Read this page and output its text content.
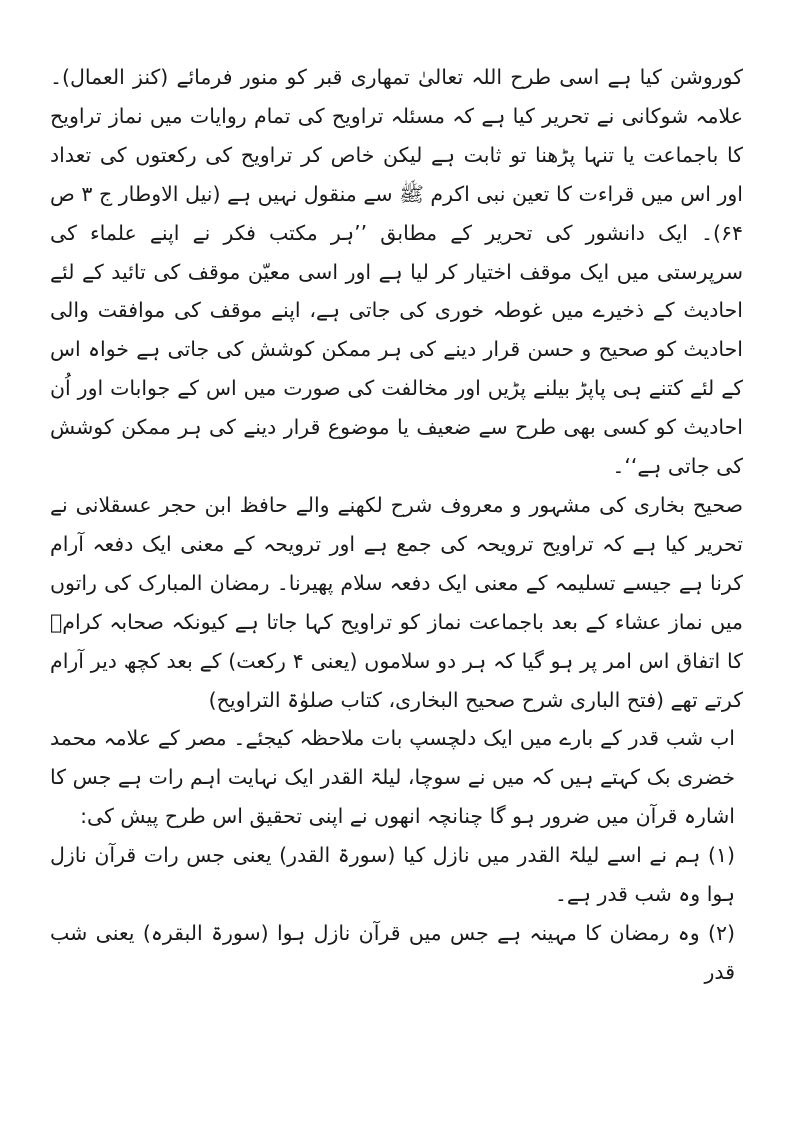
کوروشن کیا ہے اسی طرح اللہ تعالیٰ تمھاری قبر کو منور فرمائے (کنز العمال)۔ علامہ شوکانی نے تحریر کیا ہے کہ مسئلہ تراویح کی تمام روایات میں نماز تراویح کا باجماعت یا تنہا پڑھنا تو ثابت ہے لیکن خاص کر تراویح کی رکعتوں کی تعداد اور اس میں قراءت کا تعین نبی اکرم ﷺ سے منقول نہیں ہے (نیل الاوطار ج ۳ ص ۶۴)۔ ایک دانشور کی تحریر کے مطابق ’’ہر مکتب فکر نے اپنے علماء کی سرپرستی میں ایک موقف اختیار کر لیا ہے اور اسی معیّن موقف کی تائید کے لئے احادیث کے ذخیرے میں غوطہ خوری کی جاتی ہے، اپنے موقف کی موافقت والی احادیث کو صحیح و حسن قرار دینے کی ہر ممکن کوشش کی جاتی ہے خواہ اس کے لئے کتنے ہی پاپڑ بیلنے پڑیں اور مخالفت کی صورت میں اس کے جوابات اور اُن احادیث کو کسی بھی طرح سے ضعیف یا موضوع قرار دینے کی ہر ممکن کوشش کی جاتی ہے‘‘۔

صحیح بخاری کی مشہور و معروف شرح لکھنے والے حافظ ابن حجر عسقلانی نے تحریر کیا ہے کہ تراویح ترویحہ کی جمع ہے اور ترویحہ کے معنی ایک دفعہ آرام کرنا ہے جیسے تسلیمہ کے معنی ایک دفعہ سلام پھیرنا۔ رمضان المبارک کی راتوں میں نماز عشاء کے بعد باجماعت نماز کو تراویح کہا جاتا ہے کیونکہ صحابہ کرامؓ کا اتفاق اس امر پر ہو گیا کہ ہر دو سلاموں (یعنی ۴ رکعت) کے بعد کچھ دیر آرام کرتے تھے (فتح الباری شرح صحیح البخاری، کتاب صلوٰۃ التراویح)

اب شب قدر کے بارے میں ایک دلچسپ بات ملاحظہ کیجئے۔ مصر کے علامہ محمد خضری بک کہتے ہیں کہ میں نے سوچا، لیلۃ القدر ایک نہایت اہم رات ہے جس کا اشارہ قرآن میں ضرور ہو گا چنانچہ انھوں نے اپنی تحقیق اس طرح پیش کی:

(۱) ہم نے اسے لیلۃ القدر میں نازل کیا (سورۃ القدر) یعنی جس رات قرآن نازل ہوا وہ شب قدر ہے۔

(۲) وہ رمضان کا مہینہ ہے جس میں قرآن نازل ہوا (سورۃ البقرہ) یعنی شب قدر
